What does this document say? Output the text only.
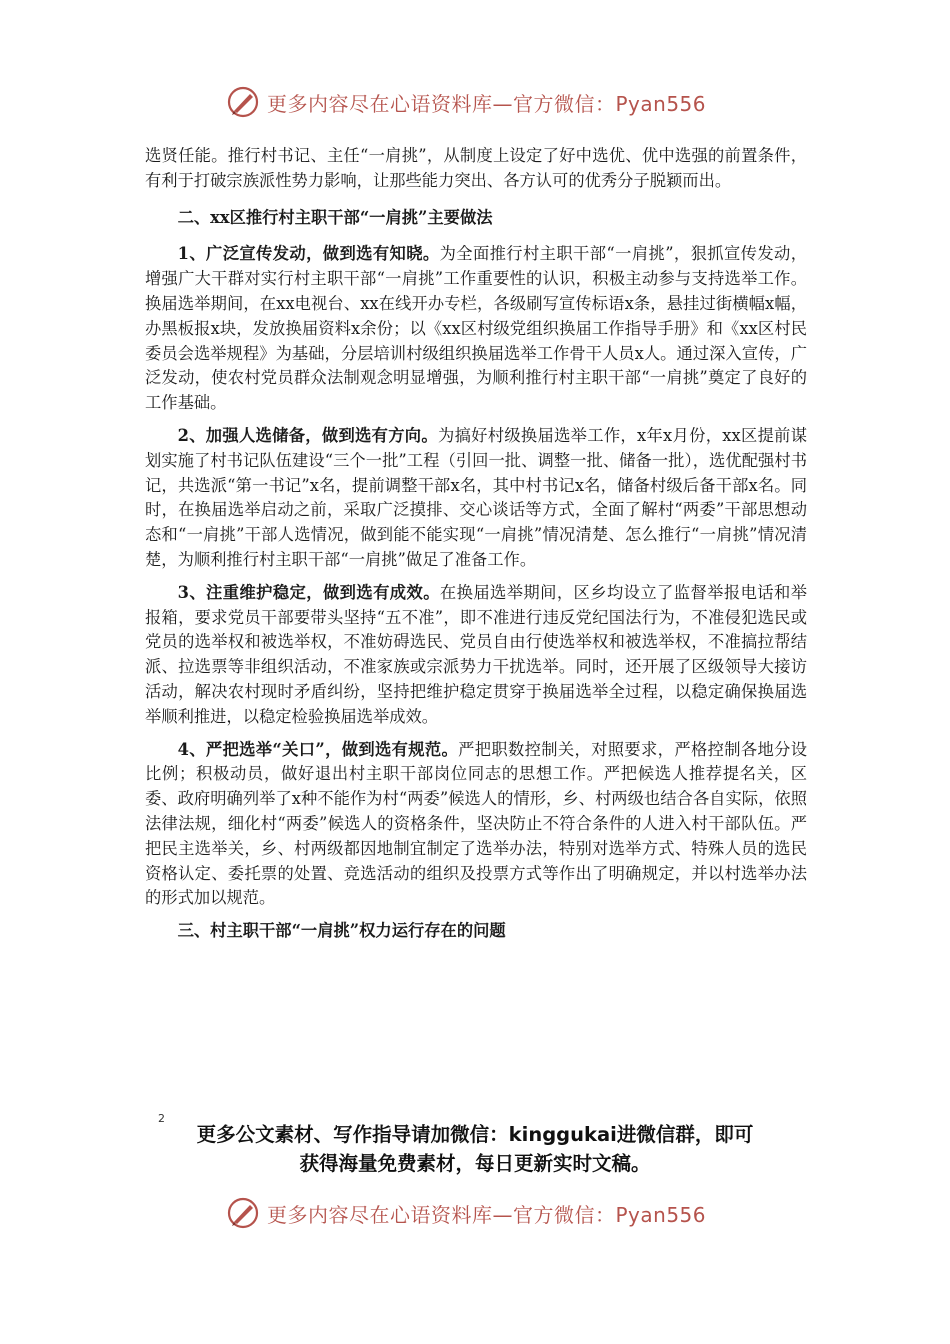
更多内容尽在心语资料库—官方微信：Pyan556

选贤任能。推行村书记、主任“一肩挑”，从制度上设定了好中选优、优中选强的前置条件，有利于打破宗族派性势力影响，让那些能力突出、各方认可的优秀分子脱颖而出。

二、xx区推行村主职干部“一肩挑”主要做法

1、广泛宣传发动，做到选有知晓。为全面推行村主职干部“一肩挑”，狠抓宣传发动，增强广大干群对实行村主职干部“一肩挑”工作重要性的认识，积极主动参与支持选举工作。换届选举期间，在xx电视台、xx在线开办专栏，各级刷写宣传标语x条，悬挂过街横幅x幅，办黑板报x块，发放换届资料x余份；以《xx区村级党组织换届工作指导手册》和《xx区村民委员会选举规程》为基础，分层培训村级组织换届选举工作骨干人员x人。通过深入宣传，广泛发动，使农村党员群众法制观念明显增强，为顺利推行村主职干部“一肩挑”奠定了良好的工作基础。

2、加强人选储备，做到选有方向。为搞好村级换届选举工作，x年x月份，xx区提前谋划实施了村书记队伍建设“三个一批”工程（引回一批、调整一批、储备一批），选优配强村书记，共选派“第一书记”x名，提前调整干部x名，其中村书记x名，储备村级后备干部x名。同时，在换届选举启动之前，采取广泛摸排、交心谈话等方式，全面了解村“两委”干部思想动态和“一肩挑”干部人选情况，做到能不能实现“一肩挑”情况清楚、怎么推行“一肩挑”情况清楚，为顺利推行村主职干部“一肩挑”做足了准备工作。

3、注重维护稳定，做到选有成效。在换届选举期间，区乡均设立了监督举报电话和举报箱，要求党员干部要带头坚持“五不准”，即不准进行违反党纪国法行为，不准侵犯选民或党员的选举权和被选举权，不准妨碍选民、党员自由行使选举权和被选举权，不准搞拉帮结派、拉选票等非组织活动，不准家族或宗派势力干扰选举。同时，还开展了区级领导大接访活动，解决农村现时矛盾纠纷，坚持把维护稳定贯穿于换届选举全过程，以稳定确保换届选举顺利推进，以稳定检验换届选举成效。

4、严把选举“关口”，做到选有规范。严把职数控制关，对照要求，严格控制各地分设比例；积极动员，做好退出村主职干部岗位同志的思想工作。严把候选人推荐提名关，区委、政府明确列举了x种不能作为村“两委”候选人的情形，乡、村两级也结合各自实际，依照法律法规，细化村“两委”候选人的资格条件，坚决防止不符合条件的人进入村干部队伍。严把民主选举关，乡、村两级都因地制宜制定了选举办法，特别对选举方式、特殊人员的选民资格认定、委托票的处置、竞选活动的组织及投票方式等作出了明确规定，并以村选举办法的形式加以规范。

三、村主职干部“一肩挑”权力运行存在的问题

2
更多公文素材、写作指导请加微信：kinggukai进微信群，即可
获得海量免费素材，每日更新实时文稿。
更多内容尽在心语资料库—官方微信：Pyan556
